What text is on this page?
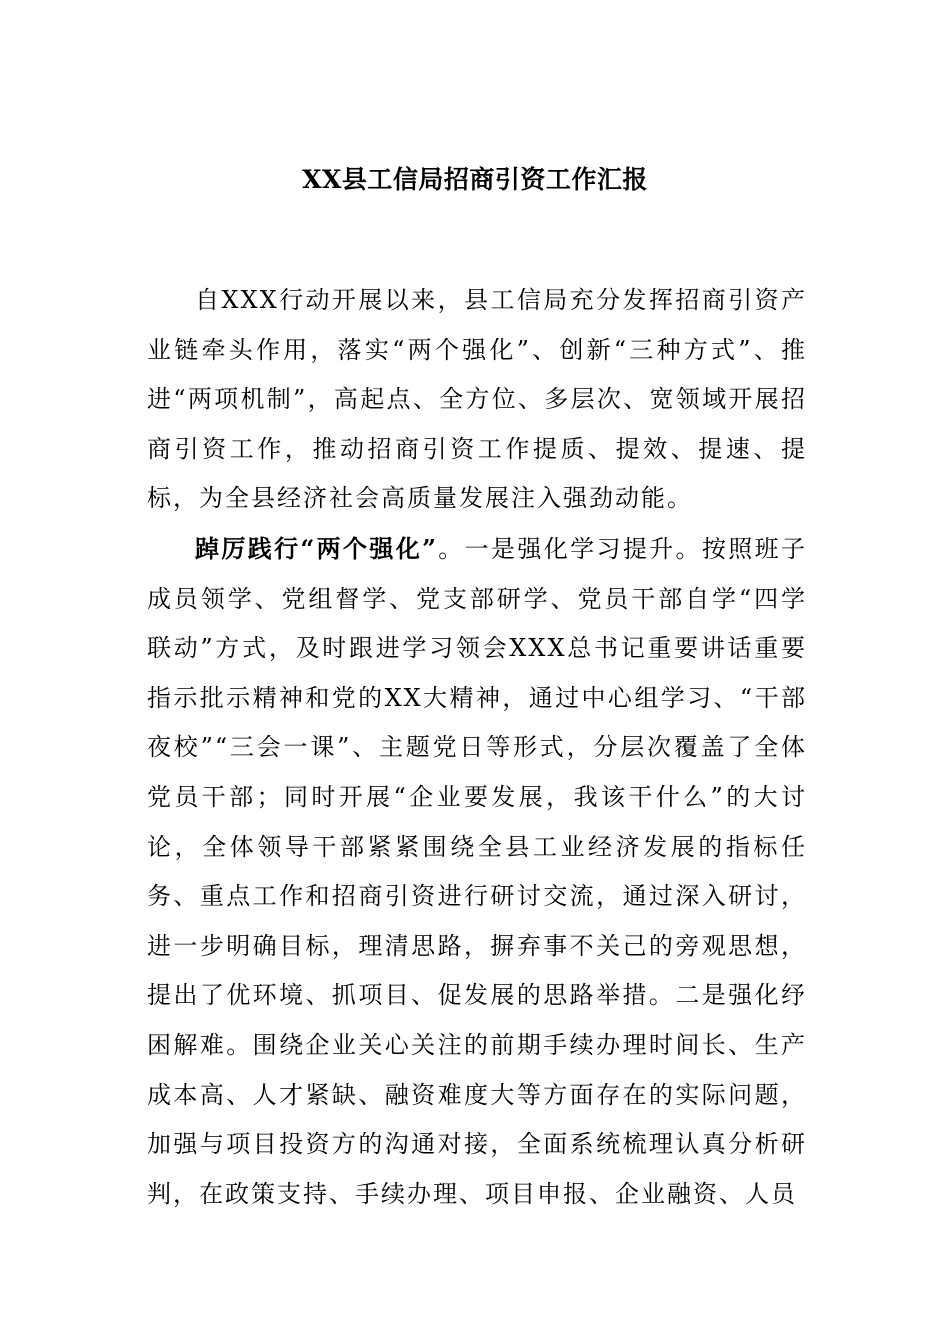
XX县工信局招商引资工作汇报

自XXX行动开展以来，县工信局充分发挥招商引资产业链牵头作用，落实“两个强化”、创新“三种方式”、推进“两项机制”，高起点、全方位、多层次、宽领域开展招商引资工作，推动招商引资工作提质、提效、提速、提标，为全县经济社会高质量发展注入强劲动能。

踔厉践行“两个强化”。一是强化学习提升。按照班子成员领学、党组督学、党支部研学、党员干部自学“四学联动”方式，及时跟进学习领会XXX总书记重要讲话重要指示批示精神和党的XX大精神，通过中心组学习、“干部夜校”“三会一课”、主题党日等形式，分层次覆盖了全体党员干部；同时开展“企业要发展，我该干什么”的大讨论，全体领导干部紧紧围绕全县工业经济发展的指标任务、重点工作和招商引资进行研讨交流，通过深入研讨，进一步明确目标，理清思路，摒弃事不关己的旁观思想，提出了优环境、抓项目、促发展的思路举措。二是强化纾困解难。围绕企业关心关注的前期手续办理时间长、生产成本高、人才紧缺、融资难度大等方面存在的实际问题，加强与项目投资方的沟通对接，全面系统梳理认真分析研判，在政策支持、手续办理、项目申报、企业融资、人员
